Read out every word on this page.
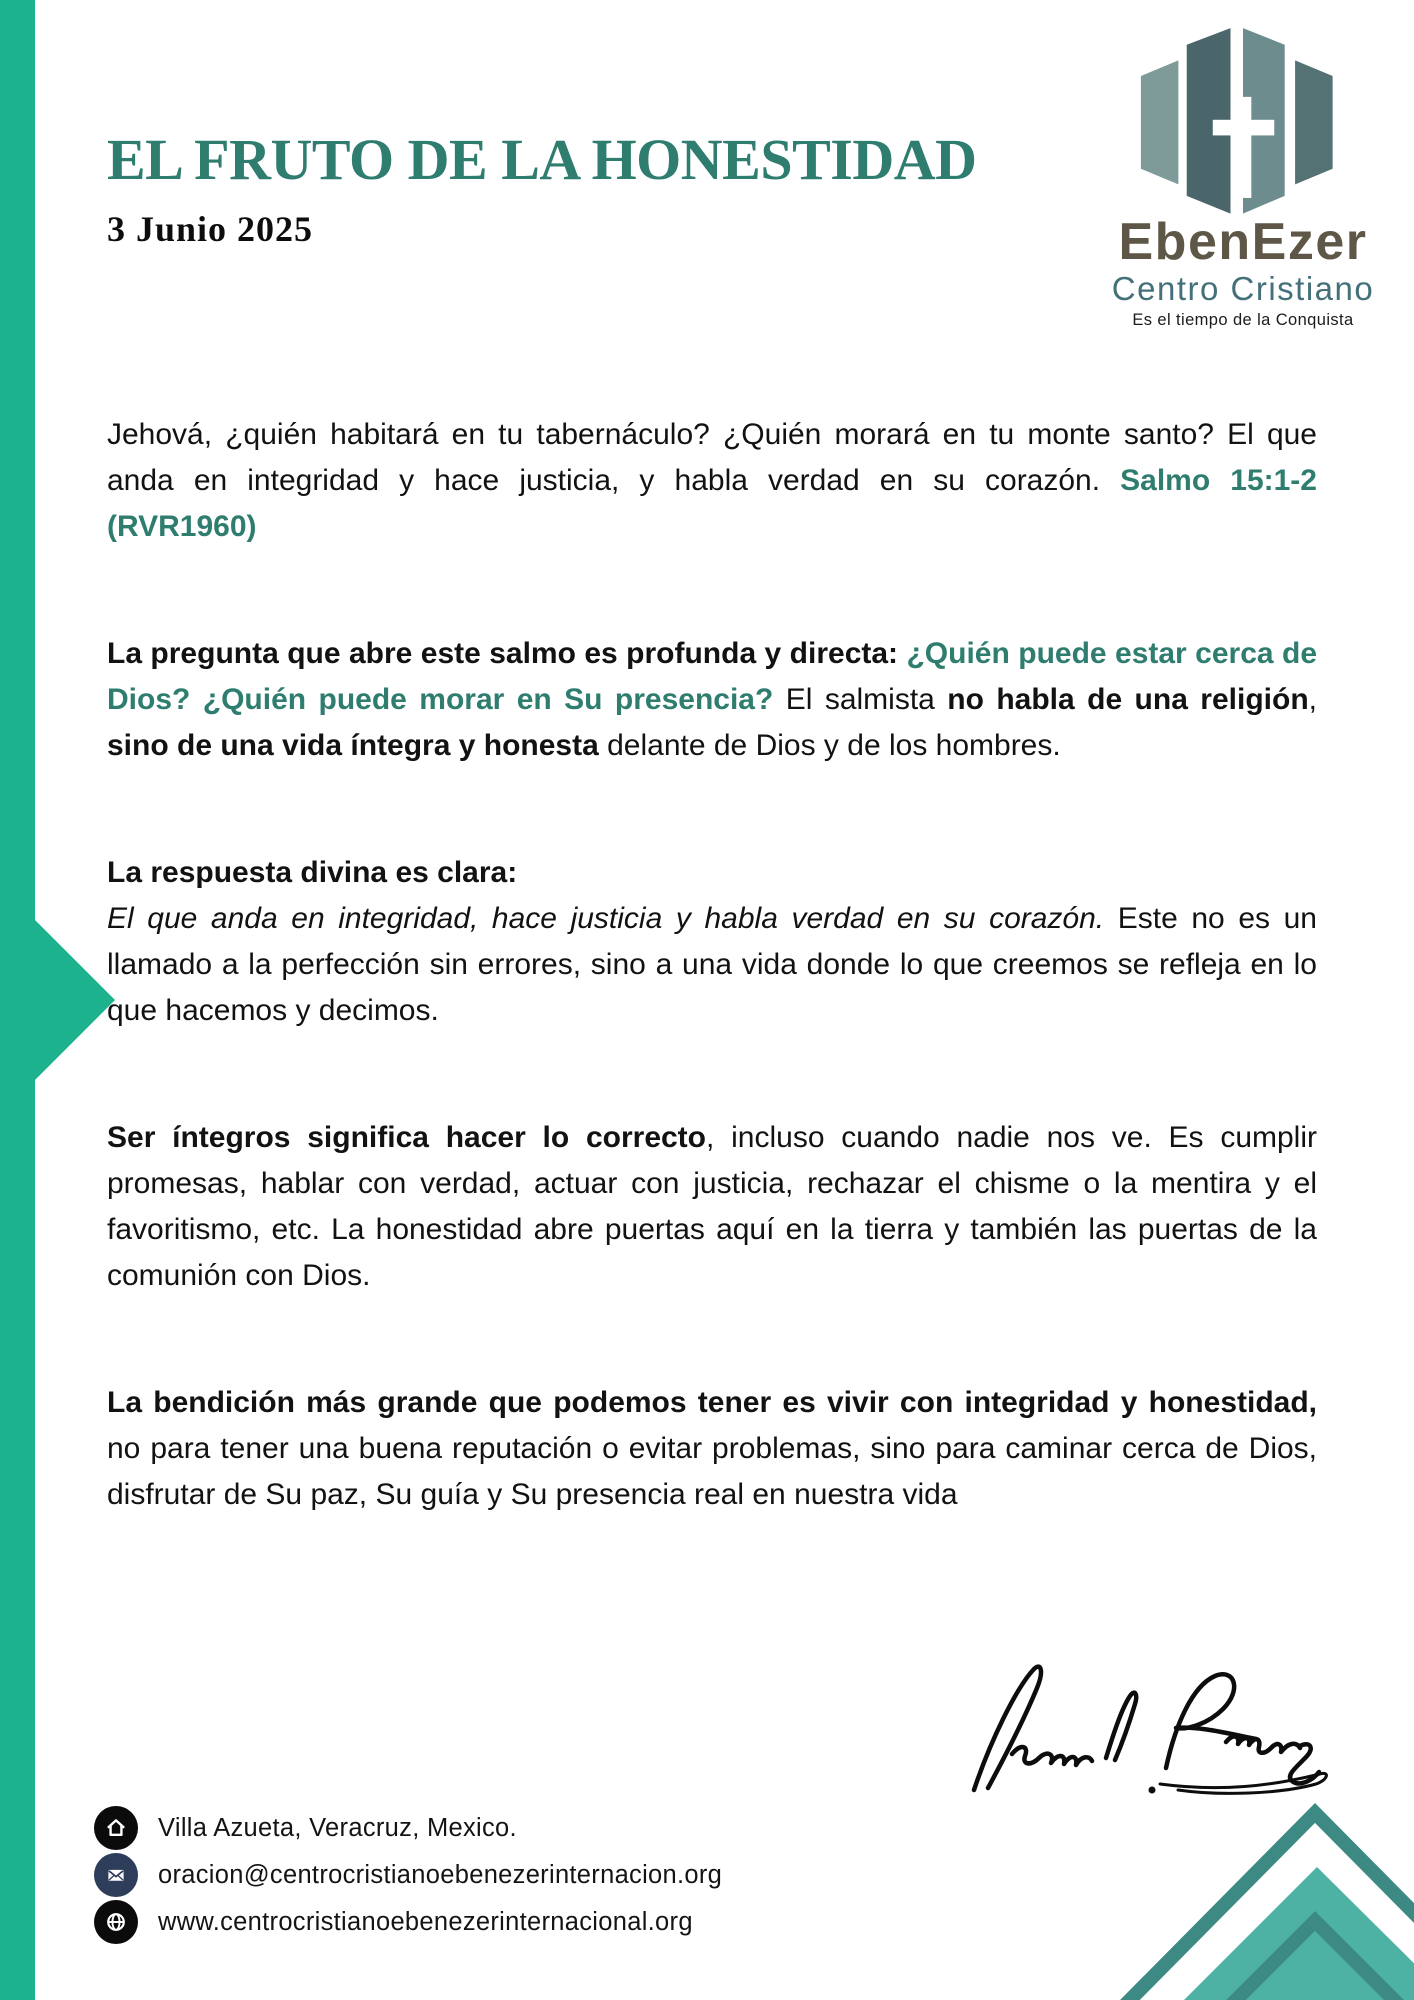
EL FRUTO DE LA HONESTIDAD
3 Junio 2025	EbenEzer
Centro Cristiano
Es el tiempo de la Conquista

Jehová, ¿quién habitará en tu tabernáculo? ¿Quién morará en tu monte santo? El que anda en integridad y hace justicia, y habla verdad en su corazón. Salmo 15:1-2 (RVR1960)

La pregunta que abre este salmo es profunda y directa: ¿Quién puede estar cerca de Dios? ¿Quién puede morar en Su presencia? El salmista no habla de una religión, sino de una vida íntegra y honesta delante de Dios y de los hombres.

La respuesta divina es clara:
El que anda en integridad, hace justicia y habla verdad en su corazón. Este no es un llamado a la perfección sin errores, sino a una vida donde lo que creemos se refleja en lo que hacemos y decimos.

Ser íntegros significa hacer lo correcto, incluso cuando nadie nos ve. Es cumplir promesas, hablar con verdad, actuar con justicia, rechazar el chisme o la mentira y el favoritismo, etc. La honestidad abre puertas aquí en la tierra y también las puertas de la comunión con Dios.

La bendición más grande que podemos tener es vivir con integridad y honestidad, no para tener una buena reputación o evitar problemas, sino para caminar cerca de Dios, disfrutar de Su paz, Su guía y Su presencia real en nuestra vida

Villa Azueta, Veracruz, Mexico.
oracion@centrocristianoebenezerinternacion.org
www.centrocristianoebenezerinternacional.org
